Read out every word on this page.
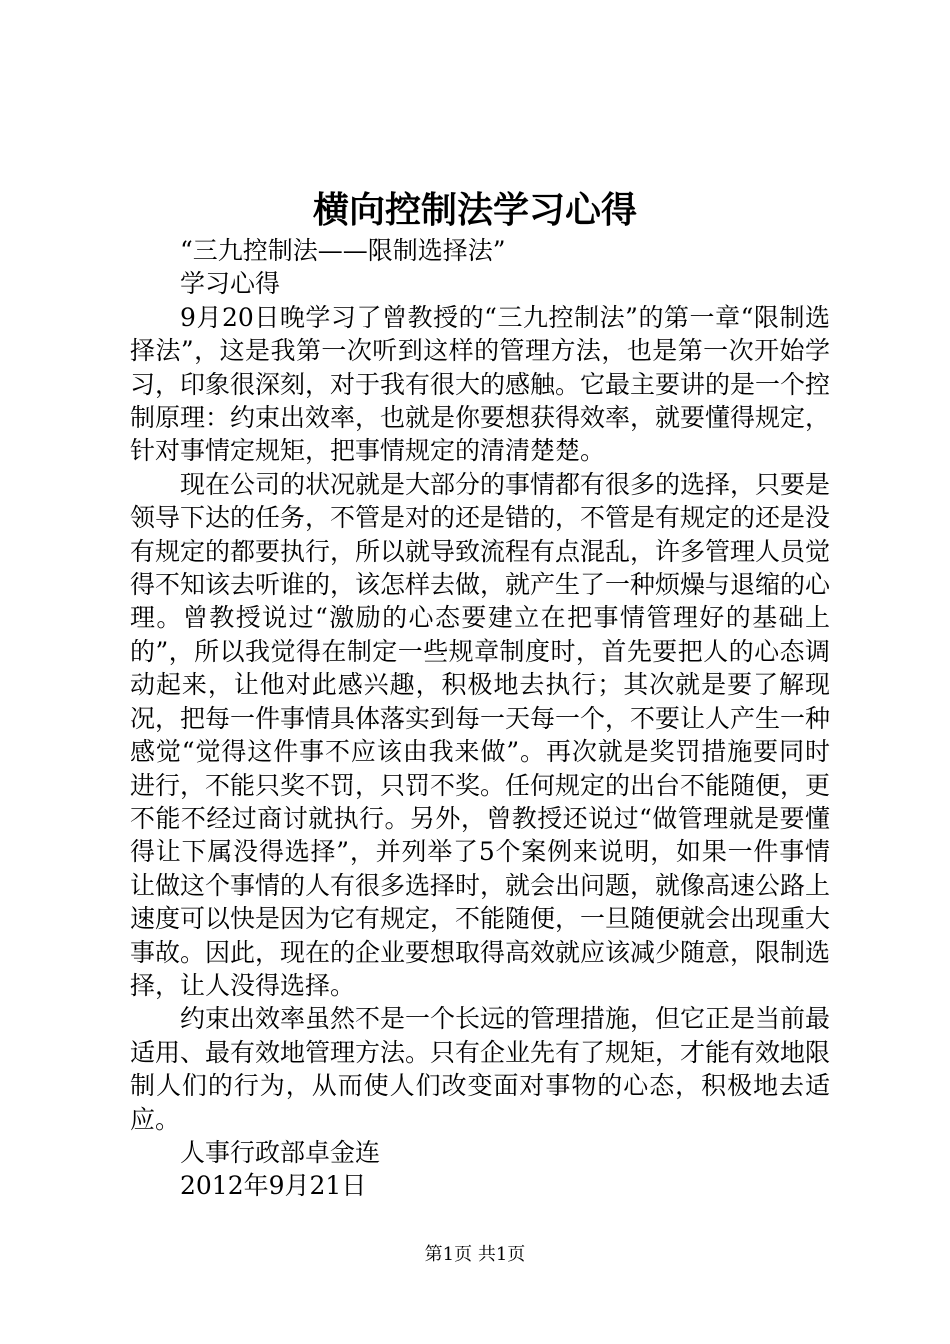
横向控制法学习心得

“三九控制法——限制选择法”

学习心得

9月20日晚学习了曾教授的“三九控制法”的第一章“限制选择法”，这是我第一次听到这样的管理方法，也是第一次开始学习，印象很深刻，对于我有很大的感触。它最主要讲的是一个控制原理：约束出效率，也就是你要想获得效率，就要懂得规定，针对事情定规矩，把事情规定的清清楚楚。

现在公司的状况就是大部分的事情都有很多的选择，只要是领导下达的任务，不管是对的还是错的，不管是有规定的还是没有规定的都要执行，所以就导致流程有点混乱，许多管理人员觉得不知该去听谁的，该怎样去做，就产生了一种烦燥与退缩的心理。曾教授说过“激励的心态要建立在把事情管理好的基础上的”，所以我觉得在制定一些规章制度时，首先要把人的心态调动起来，让他对此感兴趣，积极地去执行；其次就是要了解现况，把每一件事情具体落实到每一天每一个，不要让人产生一种感觉“觉得这件事不应该由我来做”。再次就是奖罚措施要同时进行，不能只奖不罚，只罚不奖。任何规定的出台不能随便，更不能不经过商讨就执行。另外，曾教授还说过“做管理就是要懂得让下属没得选择”，并列举了5个案例来说明，如果一件事情让做这个事情的人有很多选择时，就会出问题，就像高速公路上速度可以快是因为它有规定，不能随便，一旦随便就会出现重大事故。因此，现在的企业要想取得高效就应该减少随意，限制选择，让人没得选择。

约束出效率虽然不是一个长远的管理措施，但它正是当前最适用、最有效地管理方法。只有企业先有了规矩，才能有效地限制人们的行为，从而使人们改变面对事物的心态，积极地去适应。

人事行政部卓金连

2012年9月21日

第1页 共1页
